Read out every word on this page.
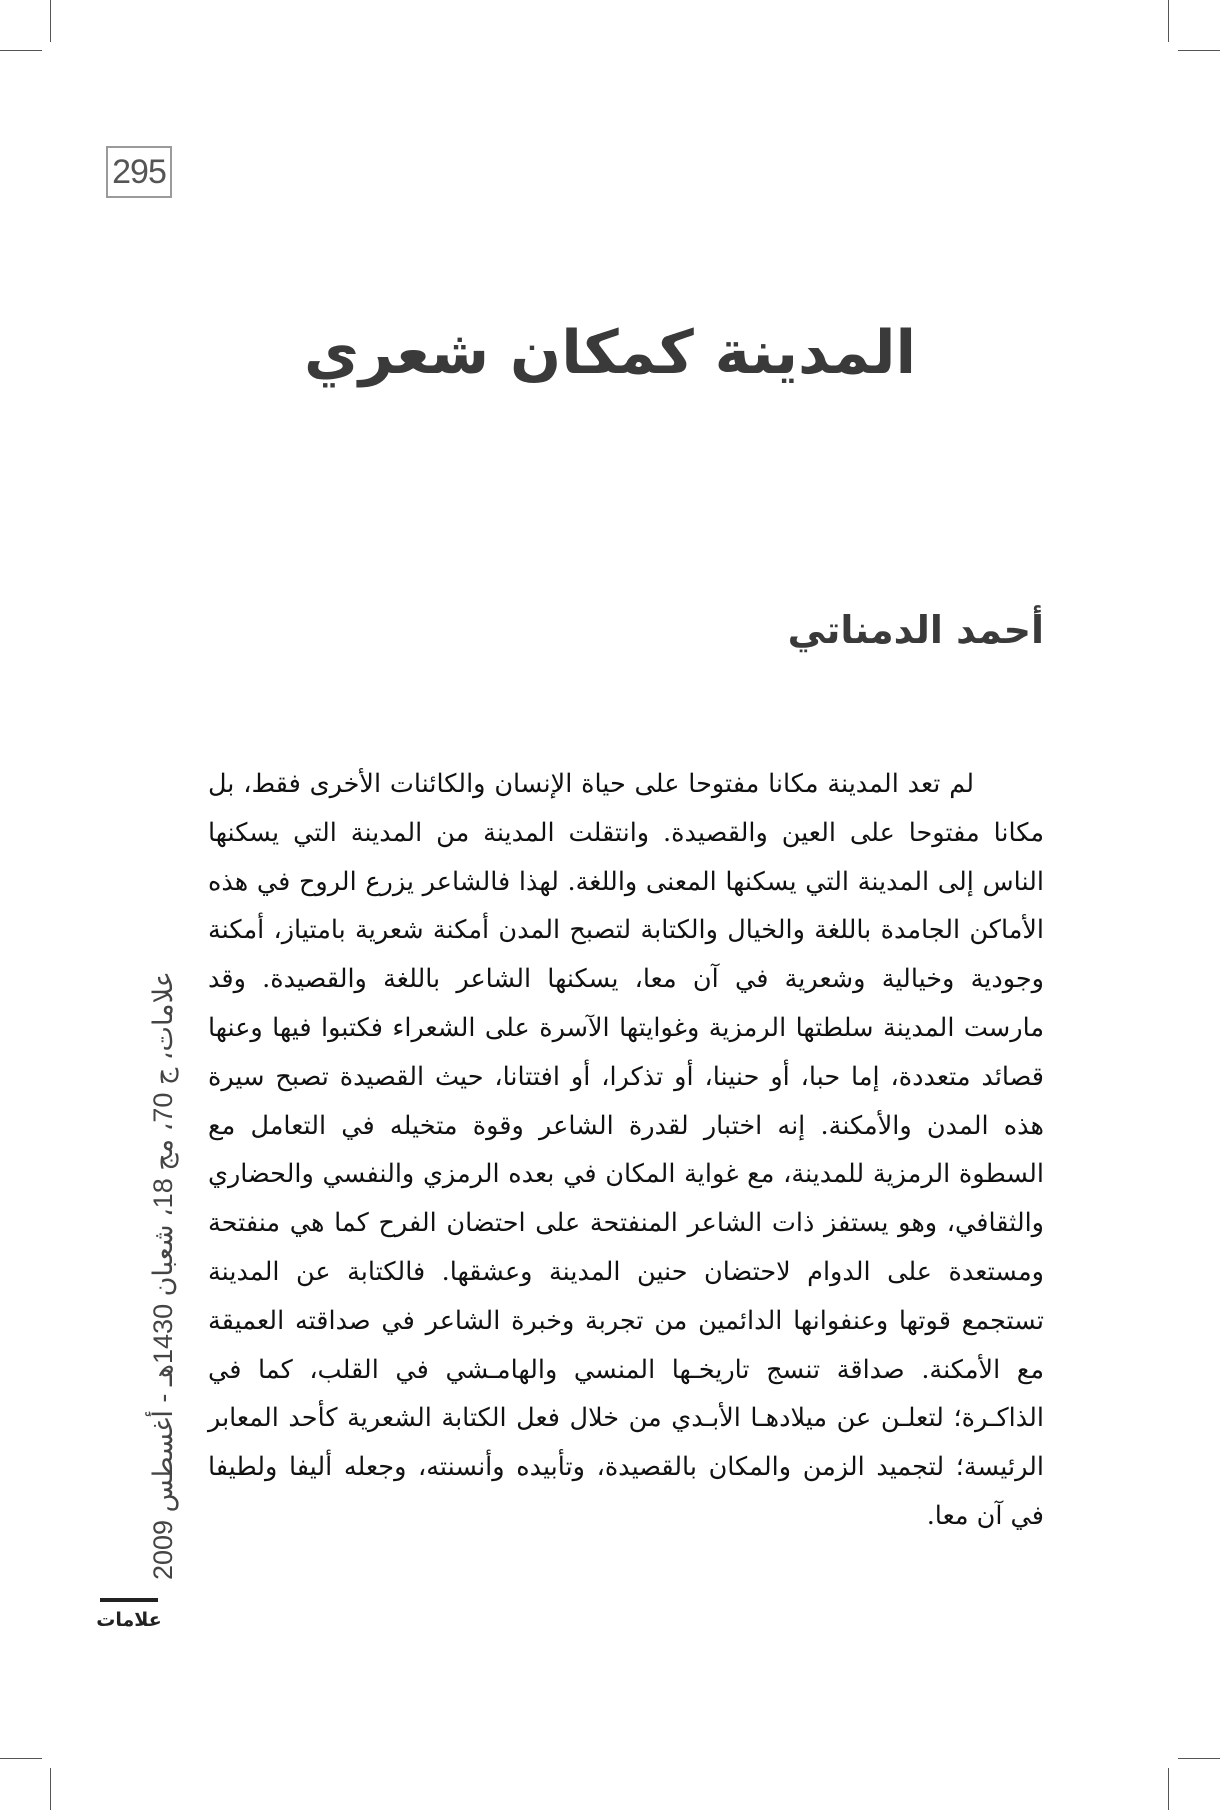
295
المدينة كمكان شعري
أحمد الدمناتي
لم تعد المدينة مكانا مفتوحا على حياة الإنسان والكائنات الأخرى فقط، بل مكانا مفتوحا على العين والقصيدة. وانتقلت المدينة من المدينة التي يسكنها الناس إلى المدينة التي يسكنها المعنى واللغة. لهذا فالشاعر يزرع الروح في هذه الأماكن الجامدة باللغة والخيال والكتابة لتصبح المدن أمكنة شعرية بامتياز، أمكنة وجودية وخيالية وشعرية في آن معا، يسكنها الشاعر باللغة والقصيدة. وقد مارست المدينة سلطتها الرمزية وغوايتها الآسرة على الشعراء فكتبوا فيها وعنها قصائد متعددة، إما حبا، أو حنينا، أو تذكرا، أو افتتانا، حيث القصيدة تصبح سيرة هذه المدن والأمكنة. إنه اختبار لقدرة الشاعر وقوة متخيله في التعامل مع السطوة الرمزية للمدينة، مع غواية المكان في بعده الرمزي والنفسي والحضاري والثقافي، وهو يستفز ذات الشاعر المنفتحة على احتضان الفرح كما هي منفتحة ومستعدة على الدوام لاحتضان حنين المدينة وعشقها. فالكتابة عن المدينة تستجمع قوتها وعنفوانها الدائمين من تجربة وخبرة الشاعر في صداقته العميقة مع الأمكنة. صداقة تنسج تاريخـها المنسي والهامـشي في القلب، كما في الذاكـرة؛ لتعلـن عن ميلادهـا الأبـدي من خلال فعل الكتابة الشعرية كأحد المعابر الرئيسة؛ لتجميد الزمن والمكان بالقصيدة، وتأبيده وأنسنته، وجعله أليفا ولطيفا في آن معا.
علامات، ج 70، مج 18، شعبان 1430هـ - أغسطس 2009
علامات
